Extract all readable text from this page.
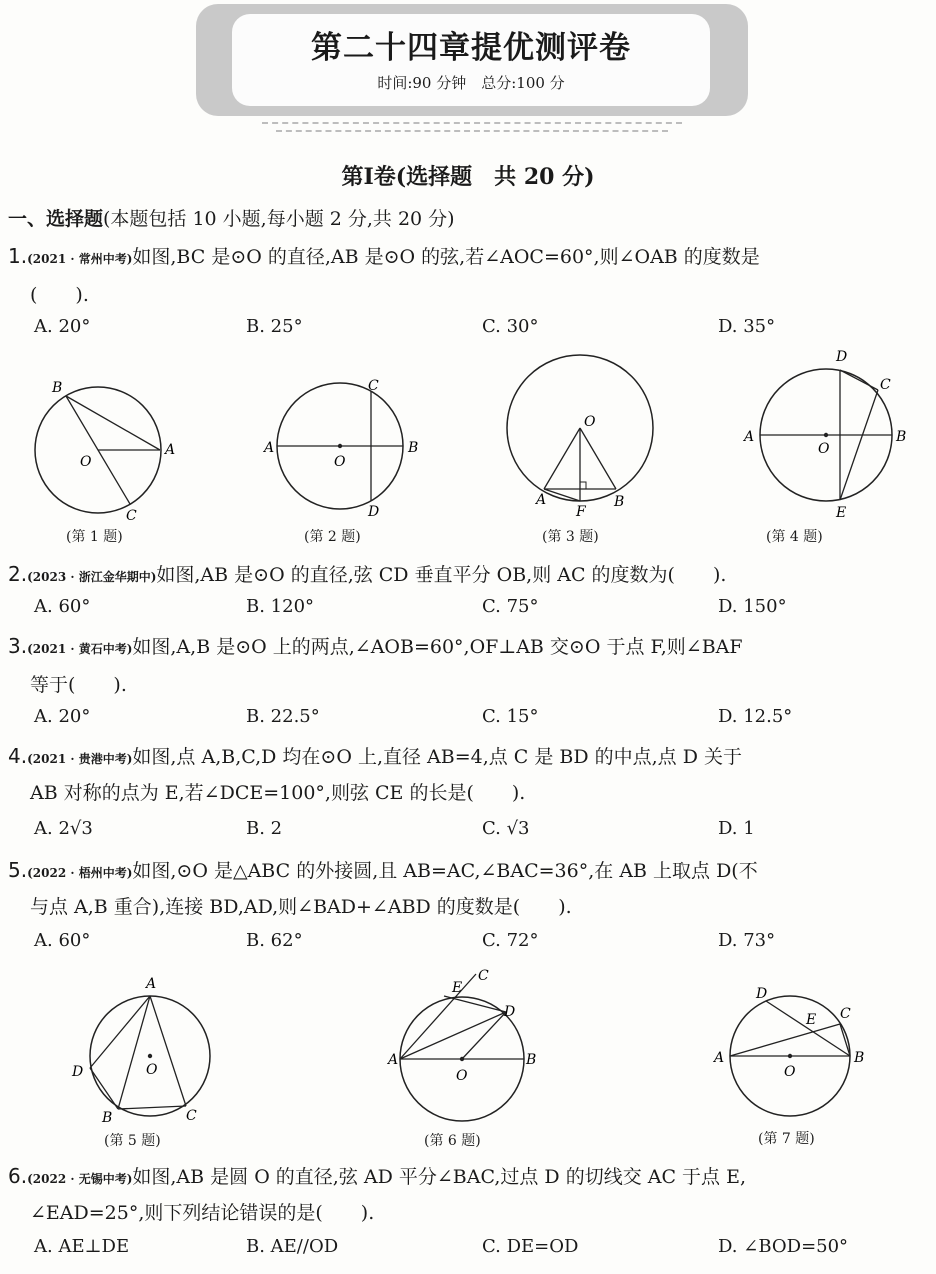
第二十四章提优测评卷
时间:90 分钟　总分:100 分
第Ⅰ卷(选择题　共 20 分)
一、选择题(本题包括 10 小题,每小题 2 分,共 20 分)
1.(2021 · 常州中考)如图,BC 是⊙O 的直径,AB 是⊙O 的弦,若∠AOC=60°,则∠OAB 的度数是
(　　).
A. 20°	B. 25°	C. 30°	D. 35°
B
A
O
C
(第 1 题)
A	B
C
D
O
(第 2 题)
O
A	B
F
(第 3 题)
D
C
A	B
O
E
(第 4 题)
2.(2023 · 浙江金华期中)如图,AB 是⊙O 的直径,弦 CD 垂直平分 OB,则 AC 的度数为(　　).
A. 60°	B. 120°	C. 75°	D. 150°
3.(2021 · 黄石中考)如图,A,B 是⊙O 上的两点,∠AOB=60°,OF⊥AB 交⊙O 于点 F,则∠BAF
等于(　　).
A. 20°	B. 22.5°	C. 15°	D. 12.5°
4.(2021 · 贵港中考)如图,点 A,B,C,D 均在⊙O 上,直径 AB=4,点 C 是 BD 的中点,点 D 关于
AB 对称的点为 E,若∠DCE=100°,则弦 CE 的长是(　　).
A. 2√3	B. 2	C. √3	D. 1
5.(2022 · 梧州中考)如图,⊙O 是△ABC 的外接圆,且 AB=AC,∠BAC=36°,在 AB 上取点 D(不
与点 A,B 重合),连接 BD,AD,则∠BAD+∠ABD 的度数是(　　).
A. 60°	B. 62°	C. 72°	D. 73°
A
D	O
B	C
(第 5 题)
E
C
D
A	B
O
(第 6 题)
D
E C
A	B
O
(第 7 题)
6.(2022 · 无锡中考)如图,AB 是圆 O 的直径,弦 AD 平分∠BAC,过点 D 的切线交 AC 于点 E,
∠EAD=25°,则下列结论错误的是(　　).
A. AE⊥DE	B. AE//OD	C. DE=OD	D. ∠BOD=50°
